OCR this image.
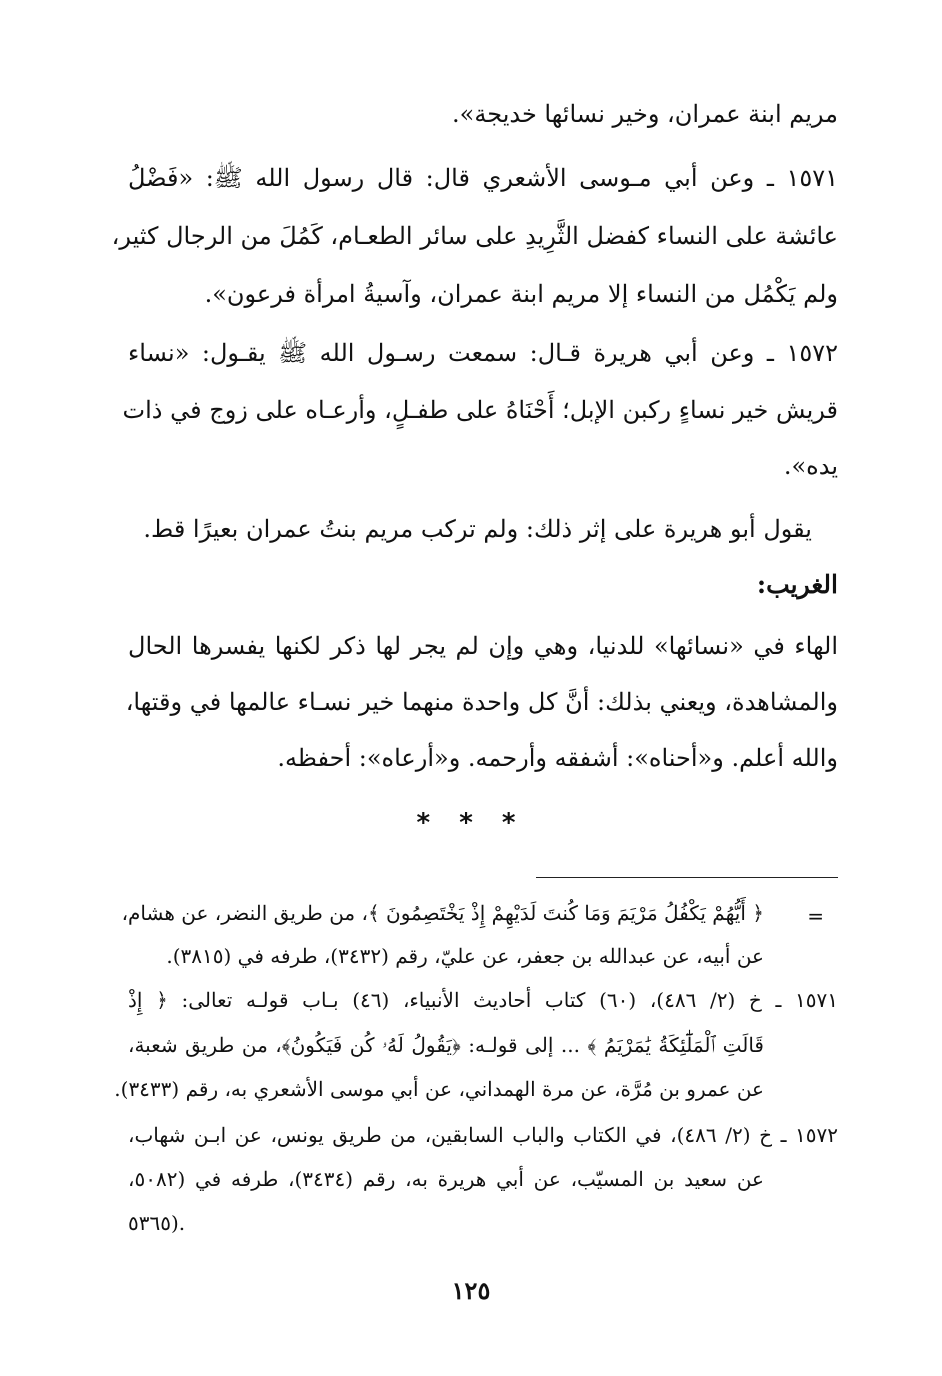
مريم ابنة عمران، وخير نسائها خديجة».
١٥٧١ ـ وعن أبي مـوسى الأشعري قال: قال رسول الله ﷺ: «فَضْلُ
عائشة على النساء كفضل الثَّرِيدِ على سائر الطعـام، كَمُلَ من الرجال كثير،
ولم يَكْمُل من النساء إلا مريم ابنة عمران، وآسيةُ امرأة فرعون».
١٥٧٢ ـ وعن أبي هريرة قـال: سمعت رسـول الله ﷺ يقـول: «نساء
قريش خير نساءٍ ركبن الإبل؛ أَحْنَاهُ على طفـلٍ، وأرعـاه على زوج في ذات
يده».
يقول أبو هريرة على إثر ذلك: ولم تركب مريم بنتُ عمران بعيرًا قط.
الغريب:
الهاء في «نسائها» للدنيا، وهي وإن لم يجر لها ذكر لكنها يفسرها الحال
والمشاهدة، ويعني بذلك: أنَّ كل واحدة منهما خير نسـاء عالمها في وقتها،
والله أعلم. و«أحناه»: أشفقه وأرحمه. و«أرعاه»: أحفظه.
* * *
=
﴿ أَيُّهُمْ يَكْفُلُ مَرْيَمَ وَمَا كُنتَ لَدَيْهِمْ إِذْ يَخْتَصِمُونَ ﴾، من طريق النضر، عن هشام،
عن أبيه، عن عبدالله بن جعفر، عن عليّ، رقم (٣٤٣٢)، طرفه في (٣٨١٥).
١٥٧١ ـ خ (٢/ ٤٨٦)، (٦٠) كتاب أحاديث الأنبياء، (٤٦) بـاب قولـه تعالى: ﴿ إِذْ
قَالَتِ ٱلْمَلَٰٓئِكَةُ يَٰمَرْيَمُ ﴾ ... إلى قولـه: ﴿يَقُولُ لَهُۥ كُن فَيَكُونُ﴾، من طريق شعبة،
عن عمرو بن مُرَّة، عن مرة الهمداني، عن أبي موسى الأشعري به، رقم (٣٤٣٣).
١٥٧٢ ـ خ (٢/ ٤٨٦)، في الكتاب والباب السابقين، من طريق يونس، عن ابـن شهاب،
عن سعيد بن المسيّب، عن أبي هريرة به، رقم (٣٤٣٤)، طرفه في (٥٠٨٢،
٥٣٦٥).
١٢٥
